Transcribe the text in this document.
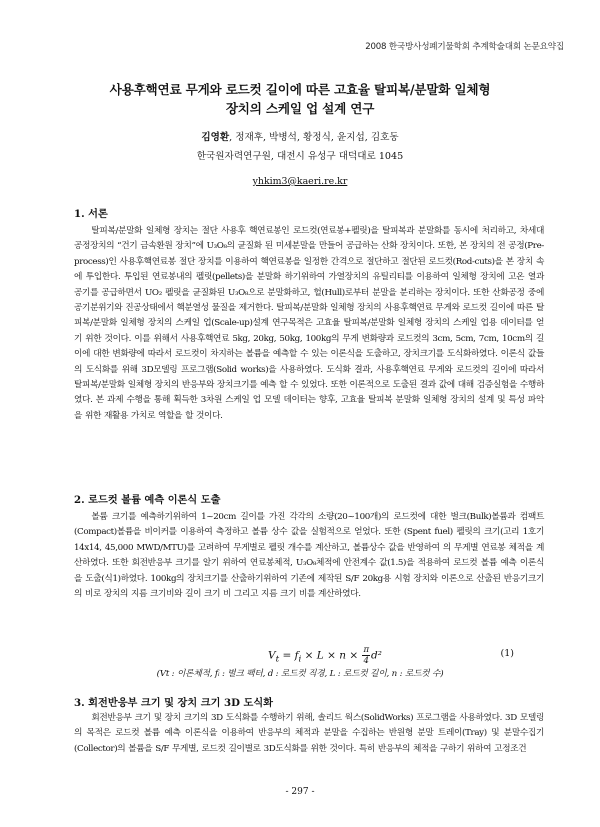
2008 한국방사성폐기물학회 추계학술대회 논문요약집
사용후핵연료 무게와 로드컷 길이에 따른 고효율 탈피복/분말화 일체형
장치의 스케일 업 설계 연구
김영환, 정재후, 박병석, 황정식, 윤지섭, 김호동
한국원자력연구원, 대전시 유성구 대덕대로 1045
yhkim3@kaeri.re.kr
1. 서론

탈피복/분말화 일체형 장치는 절단 사용후 핵연료봉인 로드컷(연료봉+펠릿)을 탈피복과 분말화를 동시에 처리하고, 차세대 공정장치의 “건기 금속환원 장치”에 U₃O₈의 균질화 된 미세분말을 만들어 공급하는 산화 장치이다. 또한, 본 장치의 전 공정(Pre-process)인 사용후핵연료봉 절단 장치를 이용하여 핵연료봉을 일정한 간격으로 절단하고 절단된 로드컷(Rod-cuts)을 본 장치 속에 투입한다. 투입된 연료봉내의 펠릿(pellets)을 분말화 하기위하여 가열장치의 유틸리티를 이용하여 일체형 장치에 고온 열과 공기를 공급하면서 UO₂ 펠릿을 균질화된 U₃O₈으로 분말화하고, 헐(Hull)로부터 분말을 분리하는 장치이다. 또한 산화공정 중에 공기분위기와 진공상태에서 핵분열성 물질을 제거한다. 탈피복/분말화 일체형 장치의 사용후핵연료 무게와 로드컷 길이에 따른 탈피복/분말화 일체형 장치의 스케일 업(Scale-up)설계 연구목적은 고효율 탈피복/분말화 일체형 장치의 스케일 업용 데이터를 얻기 위한 것이다. 이를 위해서 사용후핵연료 5kg, 20kg, 50kg, 100kg의 무게 변화량과 로드컷의 3cm, 5cm, 7cm, 10cm의 길이에 대한 변화량에 따라서 로드컷이 차지하는 볼륨을 예측할 수 있는 이론식을 도출하고, 장치크기를 도식화하였다. 이론식 값들의 도식화를 위해 3D모델링 프로그램(Solid works)을 사용하였다. 도식화 결과, 사용후핵연료 무게와 로드컷의 길이에 따라서 탈피복/분말화 일체형 장치의 반응부와 장치크기를 예측 할 수 있었다. 또한 이론적으로 도출된 결과 값에 대해 검증실험을 수행하였다. 본 과제 수행을 통해 획득한 3차원 스케일 업 모델 데이터는 향후, 고효율 탈피복 분말화 일체형 장치의 설계 및 특성 파악을 위한 재활용 가치로 역할을 할 것이다.

2. 로드컷 볼륨 예측 이론식 도출

볼륨 크기를 예측하기위하여 1~20cm 길이를 가진 각각의 소량(20~100개)의 로드컷에 대한 벌크(Bulk)볼륨과 컴팩트(Compact)볼륨을 비이커를 이용하여 측정하고 볼륨 상수 값을 실험적으로 얻었다. 또한 (Spent fuel) 펠릿의 크기(고리 1호기 14x14, 45,000 MWD/MTU)를 고려하여 무게별로 펠릿 개수를 계산하고, 볼륨상수 값을 반영하여 의 무게별 연료봉 체적을 계산하였다. 또한 회전반응부 크기를 알기 위하여 연료봉체적, U₃O₈체적에 안전계수 값(1.5)을 적용하여 로드컷 볼륨 예측 이론식을 도출(식1)하였다. 100kg의 장치크기를 산출하기위하여 기존에 제작된 S/F 20kg용 시험 장치와 이론으로 산출된 반응기크기의 비로 장치의 지름 크기비와 길이 크기 비 그리고 지름 크기 비를 계산하였다.

$V_t = f_i \times L \times n \times \frac{\pi}{4} d^2$	(1)
(Vt : 이론체적, fᵢ : 벌크 팩터, d : 로드컷 직경, L : 로드컷 길이, n : 로드컷 수)
3. 회전반응부 크기 및 장치 크기 3D 도식화

회전반응부 크기 및 장치 크기의 3D 도식화를 수행하기 위해, 솔리드 웍스(SolidWorks) 프로그램을 사용하였다. 3D 모델링의 목적은 로드컷 볼륨 예측 이론식을 이용하여 반응부의 체적과 분말을 수집하는 반원형 분말 트레이(Tray) 및 분말수집기(Collector)의 볼륨을 S/F 무게별, 로드컷 길이별로 3D도식화를 위한 것이다. 특히 반응부의 체적을 구하기 위하여 고정조건

- 297 -
